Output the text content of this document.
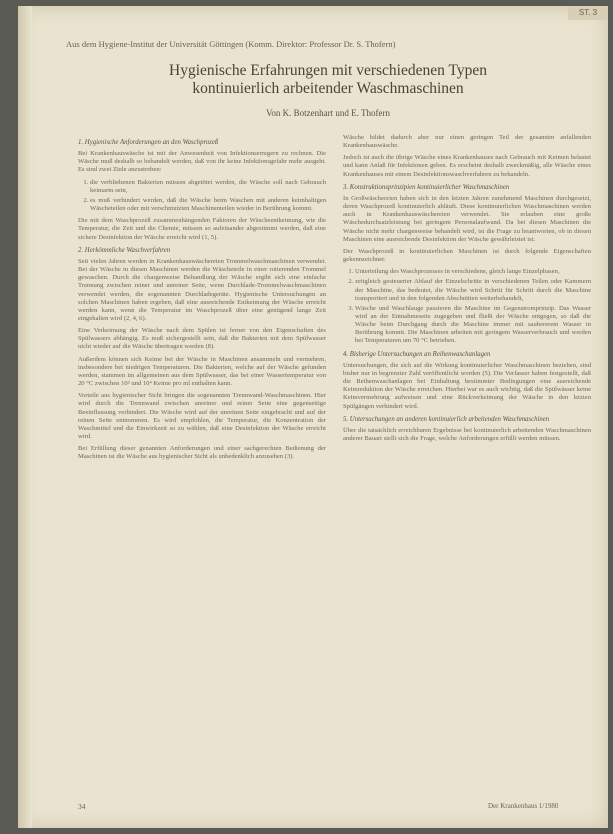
ST. 3
Aus dem Hygiene-Institut der Universität Göttingen (Komm. Direktor: Professor Dr. S. Thofern)
Hygienische Erfahrungen mit verschiedenen Typen
kontinuierlich arbeitender Waschmaschinen
Von K. Botzenhart und E. Thofern
1. Hygienische Anforderungen an den Waschprozeß

Bei Krankenhauswäsche ist mit der Anwesenheit von Infektionserregern zu rechnen. Die Wäsche muß deshalb so behandelt werden, daß von ihr keine Infektionsgefahr mehr ausgeht. Es sind zwei Ziele anzustreben:

1. die verbliebenen Bakterien müssen abgetötet werden, die Wäsche soll nach Gebrauch keimarm sein,
2. es muß verhindert werden, daß die Wäsche beim Waschen mit anderen keimhaltigen Wäscheteilen oder mit verschmutzten Maschinenteilen wieder in Berührung kommt.

Die mit dem Waschprozeß zusammenhängenden Faktoren der Wäscheentkeimung, wie die Temperatur, die Zeit und die Chemie, müssen so aufeinander abgestimmt werden, daß eine sichere Desinfektion der Wäsche erreicht wird (1, 5).

2. Herkömmliche Waschverfahren

Seit vielen Jahren werden in Krankenhauswäschereien Trommelwaschmaschinen verwendet. Bei der Wäsche in diesen Maschinen werden die Wäscheteile in einer rotierenden Trommel gewaschen. Durch die chargenweise Behandlung der Wäsche ergibt sich eine einfache Trennung zwischen reiner und unreiner Seite, wenn Durchlade-Trommelwaschmaschinen verwendet werden, die sogenannten Durchladegeräte. Hygienische Untersuchungen an solchen Maschinen haben ergeben, daß eine ausreichende Entkeimung der Wäsche erreicht werden kann, wenn die Temperatur im Waschprozeß über eine genügend lange Zeit eingehalten wird (2, 4, 6).

Eine Verkeimung der Wäsche nach dem Spülen ist ferner von den Eigenschaften des Spülwassers abhängig. Es muß sichergestellt sein, daß die Bakterien mit dem Spülwasser nicht wieder auf die Wäsche übertragen werden (8).

Außerdem können sich Keime bei der Wäsche in Maschinen ansammeln und vermehren, insbesondere bei niedrigen Temperaturen. Die Bakterien, welche auf der Wäsche gefunden werden, stammen im allgemeinen aus dem Spülwasser, das bei einer Wassertemperatur von 20 °C zwischen 10² und 10⁴ Keime pro ml enthalten kann.

Vorteile aus hygienischer Sicht bringen die sogenannten Trennwand-Waschmaschinen. Hier wird durch die Trennwand zwischen unreiner und reiner Seite eine gegenseitige Beeinflussung verhindert. Die Wäsche wird auf der unreinen Seite eingebracht und auf der reinen Seite entnommen. Es wird empfohlen, die Temperatur, die Konzentration der Waschmittel und die Einwirkzeit so zu wählen, daß eine Desinfektion der Wäsche erreicht wird.

Bei Erfüllung dieser genannten Anforderungen und einer sachgerechten Bedienung der Maschinen ist die Wäsche aus hygienischer Sicht als unbedenklich anzusehen (3).

Wäsche bildet dadurch aber nur einen geringen Teil der gesamten anfallenden Krankenhauswäsche.

Jedoch ist auch die übrige Wäsche eines Krankenhauses nach Gebrauch mit Keimen belastet und kann Anlaß für Infektionen geben. Es erscheint deshalb zweckmäßig, alle Wäsche eines Krankenhauses mit einem Desinfektionswaschverfahren zu behandeln.

3. Konstruktionsprinzipien kontinuierlicher Waschmaschinen

In Großwäschereien haben sich in den letzten Jahren zunehmend Maschinen durchgesetzt, deren Waschprozeß kontinuierlich abläuft. Diese kontinuierlichen Waschmaschinen werden auch in Krankenhauswäschereien verwendet. Sie erlauben eine große Wäschedurchsatzleistung bei geringem Personalaufwand. Da bei diesen Maschinen die Wäsche nicht mehr chargenweise behandelt wird, ist die Frage zu beantworten, ob in diesen Maschinen eine ausreichende Desinfektion der Wäsche gewährleistet ist.

Der Waschprozeß in kontinuierlichen Maschinen ist durch folgende Eigenschaften gekennzeichnet:

1. Unterteilung des Waschprozesses in verschiedene, gleich lange Einzelphasen,
2. zeitgleich gesteuerter Ablauf der Einzelschritte in verschiedenen Teilen oder Kammern der Maschine, das bedeutet, die Wäsche wird Schritt für Schritt durch die Maschine transportiert und in den folgenden Abschnitten weiterbehandelt,
3. Wäsche und Waschlauge passieren die Maschine im Gegenstromprinzip. Das Wasser wird an der Entnahmeseite zugegeben und fließt der Wäsche entgegen, so daß die Wäsche beim Durchgang durch die Maschine immer mit saubererem Wasser in Berührung kommt. Die Maschinen arbeiten mit geringem Wasserverbrauch und werden bei Temperaturen um 70 °C betrieben.
4. Bisherige Untersuchungen an Reihenwaschanlagen

Untersuchungen, die sich auf die Wirkung kontinuierlicher Waschmaschinen beziehen, sind bisher nur in begrenzter Zahl veröffentlicht worden (5). Die Verfasser haben festgestellt, daß die Reihenwaschanlagen bei Einhaltung bestimmter Bedingungen eine ausreichende Keimreduktion der Wäsche erreichen. Hierbei war es auch wichtig, daß die Spülwässer keine Keimvermehrung aufweisen und eine Rückverkeimung der Wäsche in den letzten Spülgängen verhindert wird.

5. Untersuchungen an anderen kontinuierlich arbeitenden Waschmaschinen

Über die tatsächlich erreichbaren Ergebnisse bei kontinuierlich arbeitenden Waschmaschinen anderer Bauart stellt sich die Frage, welche Anforderungen erfüllt werden müssen.

34	Der Krankenhaus 1/1980
